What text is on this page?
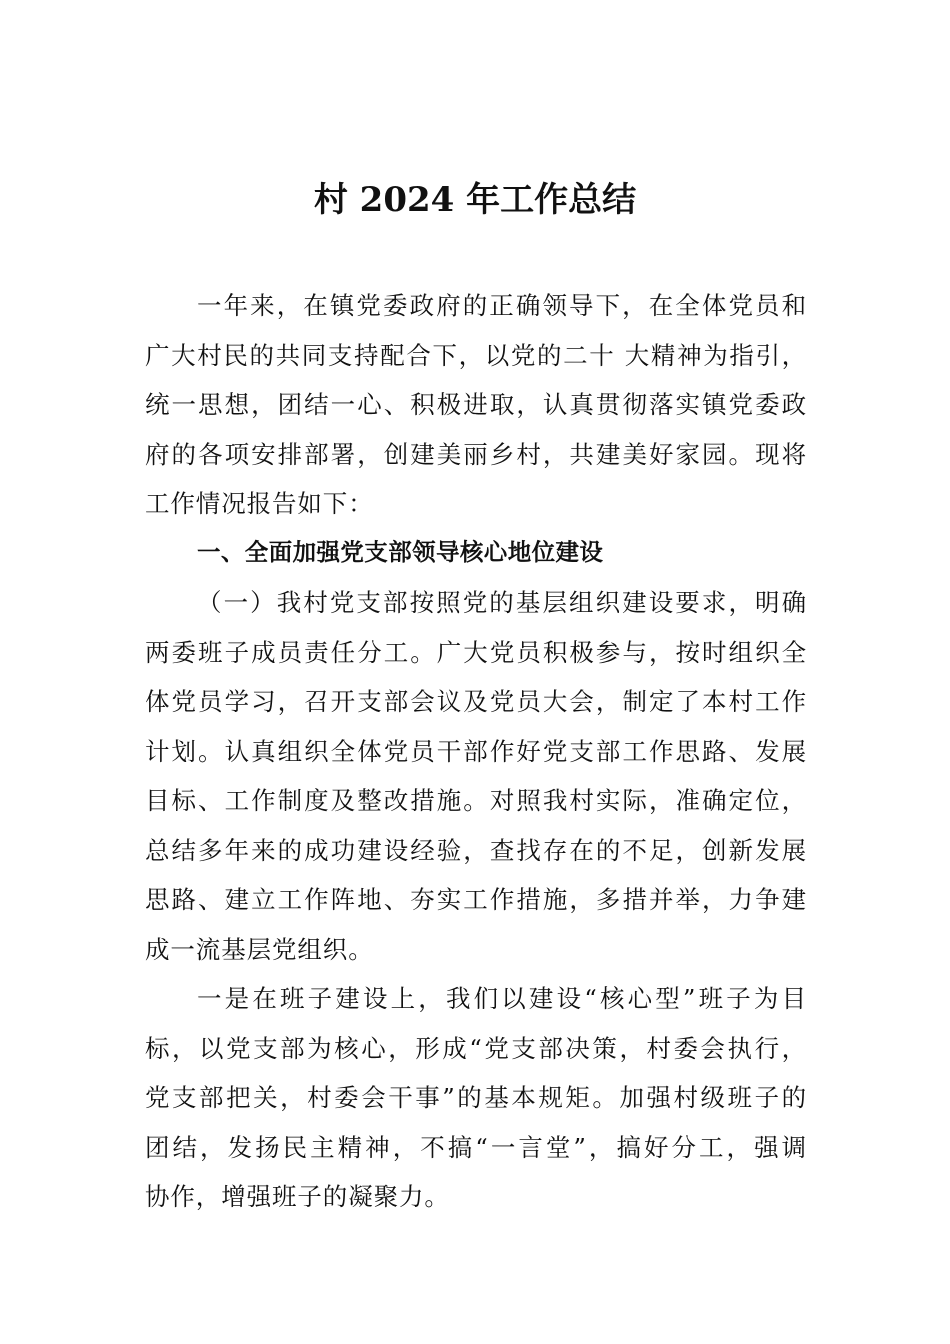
村 2024 年工作总结
一年来，在镇党委政府的正确领导下，在全体党员和
广大村民的共同支持配合下，以党的二十 大精神为指引，
统一思想，团结一心、积极进取，认真贯彻落实镇党委政
府的各项安排部署，创建美丽乡村，共建美好家园。现将
工作情况报告如下：
一、全面加强党支部领导核心地位建设
（一）我村党支部按照党的基层组织建设要求，明确
两委班子成员责任分工。广大党员积极参与，按时组织全
体党员学习，召开支部会议及党员大会，制定了本村工作
计划。认真组织全体党员干部作好党支部工作思路、发展
目标、工作制度及整改措施。对照我村实际，准确定位，
总结多年来的成功建设经验，查找存在的不足，创新发展
思路、建立工作阵地、夯实工作措施，多措并举，力争建
成一流基层党组织。
一是在班子建设上，我们以建设“核心型”班子为目
标，以党支部为核心，形成“党支部决策，村委会执行，
党支部把关，村委会干事”的基本规矩。加强村级班子的
团结，发扬民主精神，不搞“一言堂”，搞好分工，强调
协作，增强班子的凝聚力。
